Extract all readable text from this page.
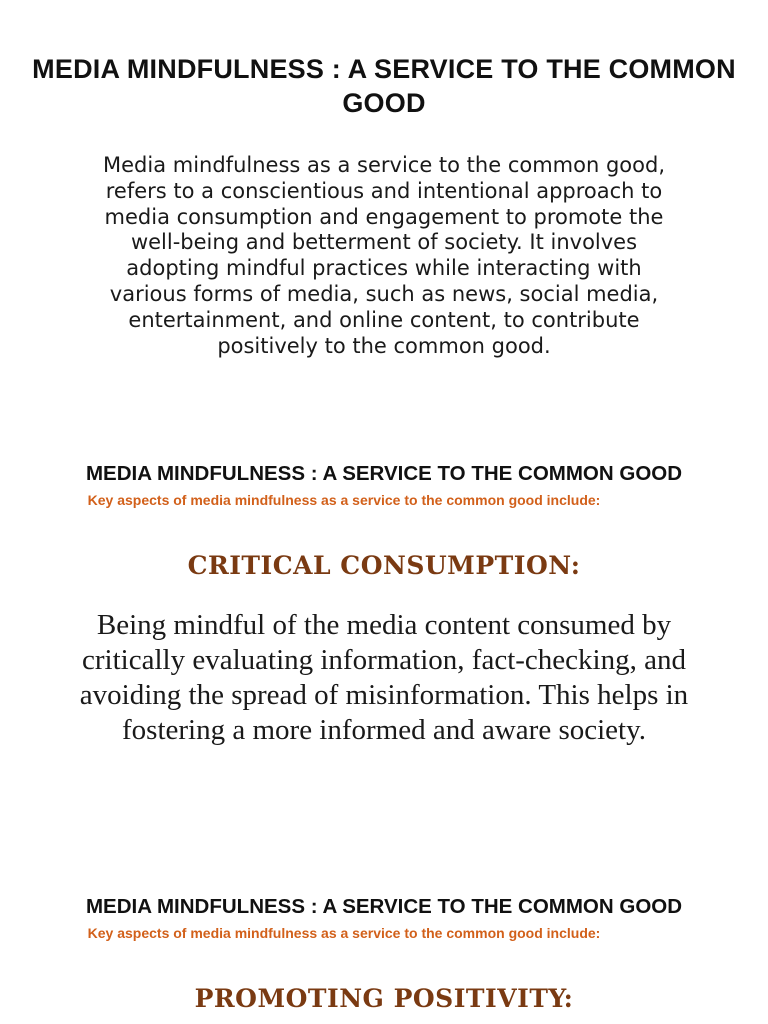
MEDIA MINDFULNESS : A SERVICE TO THE COMMON GOOD

Media mindfulness as a service to the common good, refers to a conscientious and intentional approach to media consumption and engagement to promote the well-being and betterment of society. It involves adopting mindful practices while interacting with various forms of media, such as news, social media, entertainment, and online content, to contribute positively to the common good.

MEDIA MINDFULNESS : A SERVICE TO THE COMMON GOOD

Key aspects of media mindfulness as a service to the common good include:

CRITICAL CONSUMPTION:

Being mindful of the media content consumed by critically evaluating information, fact-checking, and avoiding the spread of misinformation. This helps in fostering a more informed and aware society.

MEDIA MINDFULNESS : A SERVICE TO THE COMMON GOOD

Key aspects of media mindfulness as a service to the common good include:

PROMOTING POSITIVITY:
